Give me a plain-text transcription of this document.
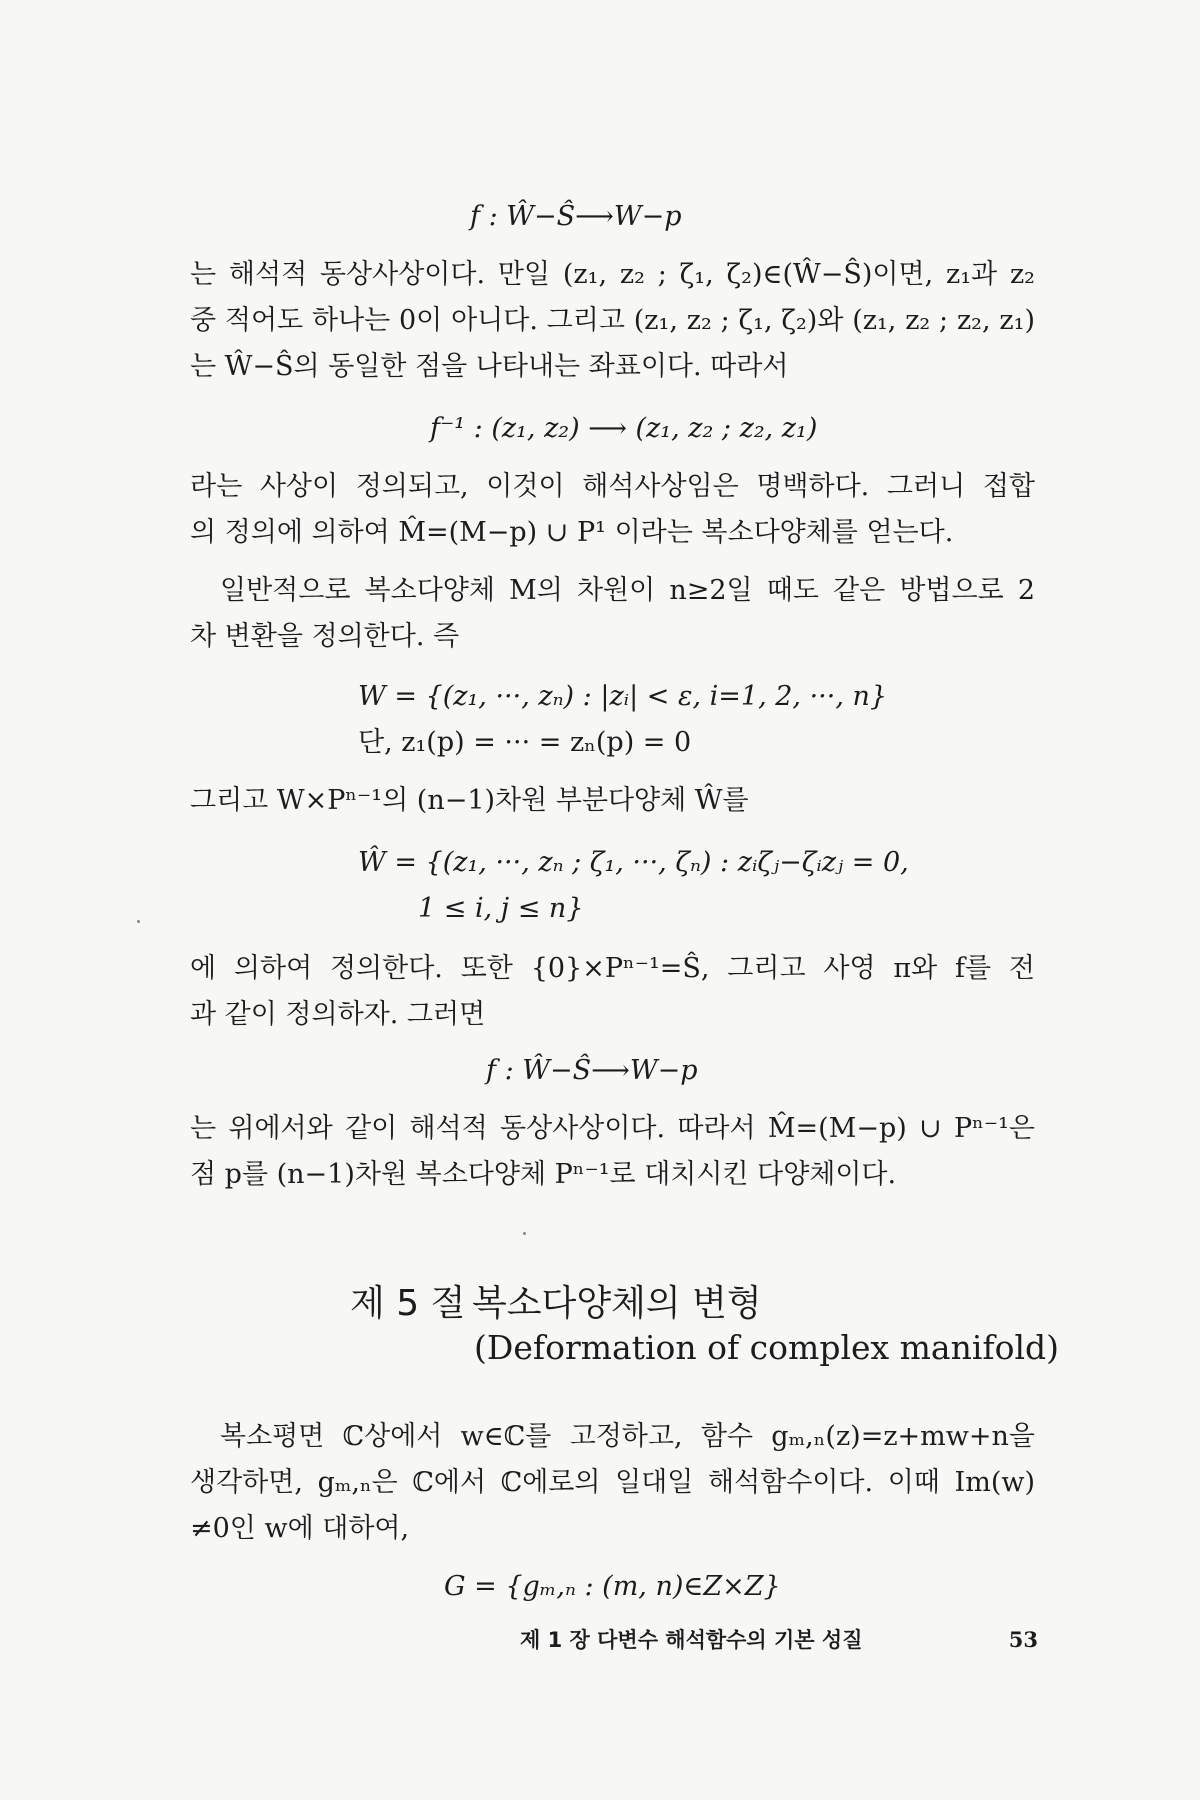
f : Ŵ−Ŝ⟶W−p
는 해석적 동상사상이다. 만일 (z₁, z₂ ; ζ₁, ζ₂)∈(Ŵ−Ŝ)이면, z₁과 z₂
중 적어도 하나는 0이 아니다. 그리고 (z₁, z₂ ; ζ₁, ζ₂)와 (z₁, z₂ ; z₂, z₁)
는 Ŵ−Ŝ의 동일한 점을 나타내는 좌표이다. 따라서
f⁻¹ : (z₁, z₂) ⟶ (z₁, z₂ ; z₂, z₁)
라는 사상이 정의되고, 이것이 해석사상임은 명백하다. 그러니 접합
의 정의에 의하여 M̂=(M−p) ∪ P¹ 이라는 복소다양체를 얻는다.
일반적으로 복소다양체 M의 차원이 n≥2일 때도 같은 방법으로 2
차 변환을 정의한다. 즉
W = {(z₁, ···, zₙ) : |zᵢ| < ε, i=1, 2, ···, n}
단, z₁(p) = ··· = zₙ(p) = 0
그리고 W×Pⁿ⁻¹의 (n−1)차원 부분다양체 Ŵ를
Ŵ = {(z₁, ···, zₙ ; ζ₁, ···, ζₙ) : zᵢζⱼ−ζᵢzⱼ = 0,
1 ≤ i, j ≤ n}
에 의하여 정의한다. 또한 {0}×Pⁿ⁻¹=Ŝ, 그리고 사영 π와 f를 전
과 같이 정의하자. 그러면
f : Ŵ−Ŝ⟶W−p
는 위에서와 같이 해석적 동상사상이다. 따라서 M̂=(M−p) ∪ Pⁿ⁻¹은
점 p를 (n−1)차원 복소다양체 Pⁿ⁻¹로 대치시킨 다양체이다.
제 5 절 복소다양체의 변형
(Deformation of complex manifold)
복소평면 ℂ상에서 w∈ℂ를 고정하고, 함수 gₘ,ₙ(z)=z+mw+n을
생각하면, gₘ,ₙ은 ℂ에서 ℂ에로의 일대일 해석함수이다. 이때 Im(w)
≠0인 w에 대하여,
G = {gₘ,ₙ : (m, n)∈Z×Z}
제 1 장 다변수 해석함수의 기본 성질	53
